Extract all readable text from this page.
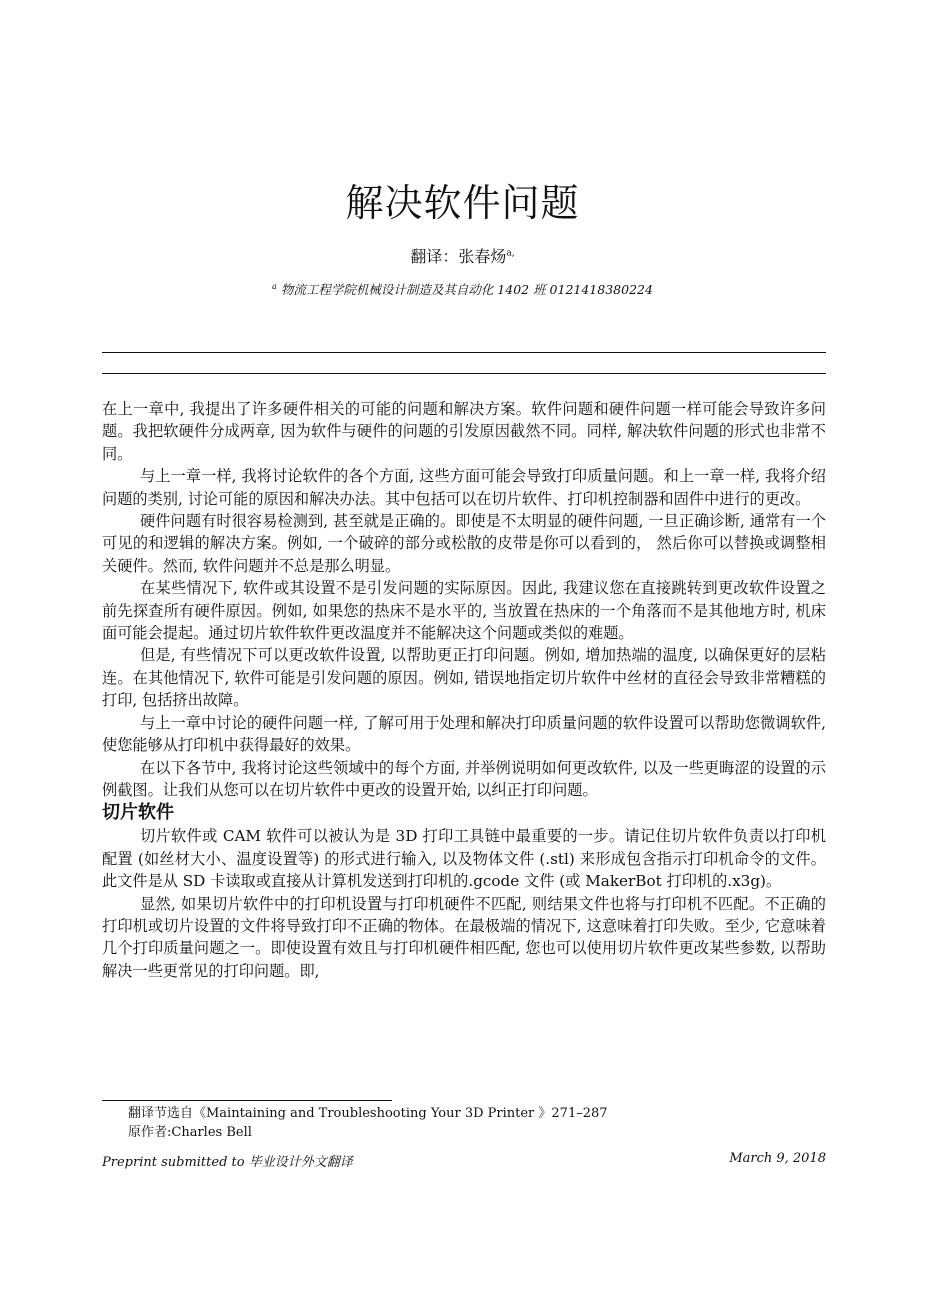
解决软件问题
翻译：张春炀$^{a,}$
$^a$ 物流工程学院机械设计制造及其自动化 1402 班 0121418380224

在上一章中, 我提出了许多硬件相关的可能的问题和解决方案。软件问题和硬件问题一样可能会导致许多问题。我把软硬件分成两章, 因为软件与硬件的问题的引发原因截然不同。同样, 解决软件问题的形式也非常不同。

与上一章一样, 我将讨论软件的各个方面, 这些方面可能会导致打印质量问题。和上一章一样, 我将介绍问题的类别, 讨论可能的原因和解决办法。其中包括可以在切片软件、打印机控制器和固件中进行的更改。

硬件问题有时很容易检测到, 甚至就是正确的。即使是不太明显的硬件问题, 一旦正确诊断, 通常有一个可见的和逻辑的解决方案。例如, 一个破碎的部分或松散的皮带是你可以看到的， 然后你可以替换或调整相关硬件。然而, 软件问题并不总是那么明显。

在某些情况下, 软件或其设置不是引发问题的实际原因。因此, 我建议您在直接跳转到更改软件设置之前先探查所有硬件原因。例如, 如果您的热床不是水平的, 当放置在热床的一个角落而不是其他地方时, 机床面可能会提起。通过切片软件软件更改温度并不能解决这个问题或类似的难题。

但是, 有些情况下可以更改软件设置, 以帮助更正打印问题。例如, 增加热端的温度, 以确保更好的层粘连。在其他情况下, 软件可能是引发问题的原因。例如, 错误地指定切片软件中丝材的直径会导致非常糟糕的打印, 包括挤出故障。

与上一章中讨论的硬件问题一样, 了解可用于处理和解决打印质量问题的软件设置可以帮助您微调软件, 使您能够从打印机中获得最好的效果。

在以下各节中, 我将讨论这些领域中的每个方面, 并举例说明如何更改软件, 以及一些更晦涩的设置的示例截图。让我们从您可以在切片软件中更改的设置开始, 以纠正打印问题。

切片软件

切片软件或 CAM 软件可以被认为是 3D 打印工具链中最重要的一步。请记住切片软件负责以打印机配置 (如丝材大小、温度设置等) 的形式进行输入, 以及物体文件 (.stl) 来形成包含指示打印机命令的文件。此文件是从 SD 卡读取或直接从计算机发送到打印机的.gcode 文件 (或 MakerBot 打印机的.x3g)。

显然, 如果切片软件中的打印机设置与打印机硬件不匹配, 则结果文件也将与打印机不匹配。不正确的打印机或切片设置的文件将导致打印不正确的物体。在最极端的情况下, 这意味着打印失败。至少, 它意味着几个打印质量问题之一。即使设置有效且与打印机硬件相匹配, 您也可以使用切片软件更改某些参数, 以帮助解决一些更常见的打印问题。即,

翻译节选自《Maintaining and Troubleshooting Your 3D Printer 》271–287
原作者:Charles Bell
Preprint submitted to 毕业设计外文翻译	March 9, 2018
